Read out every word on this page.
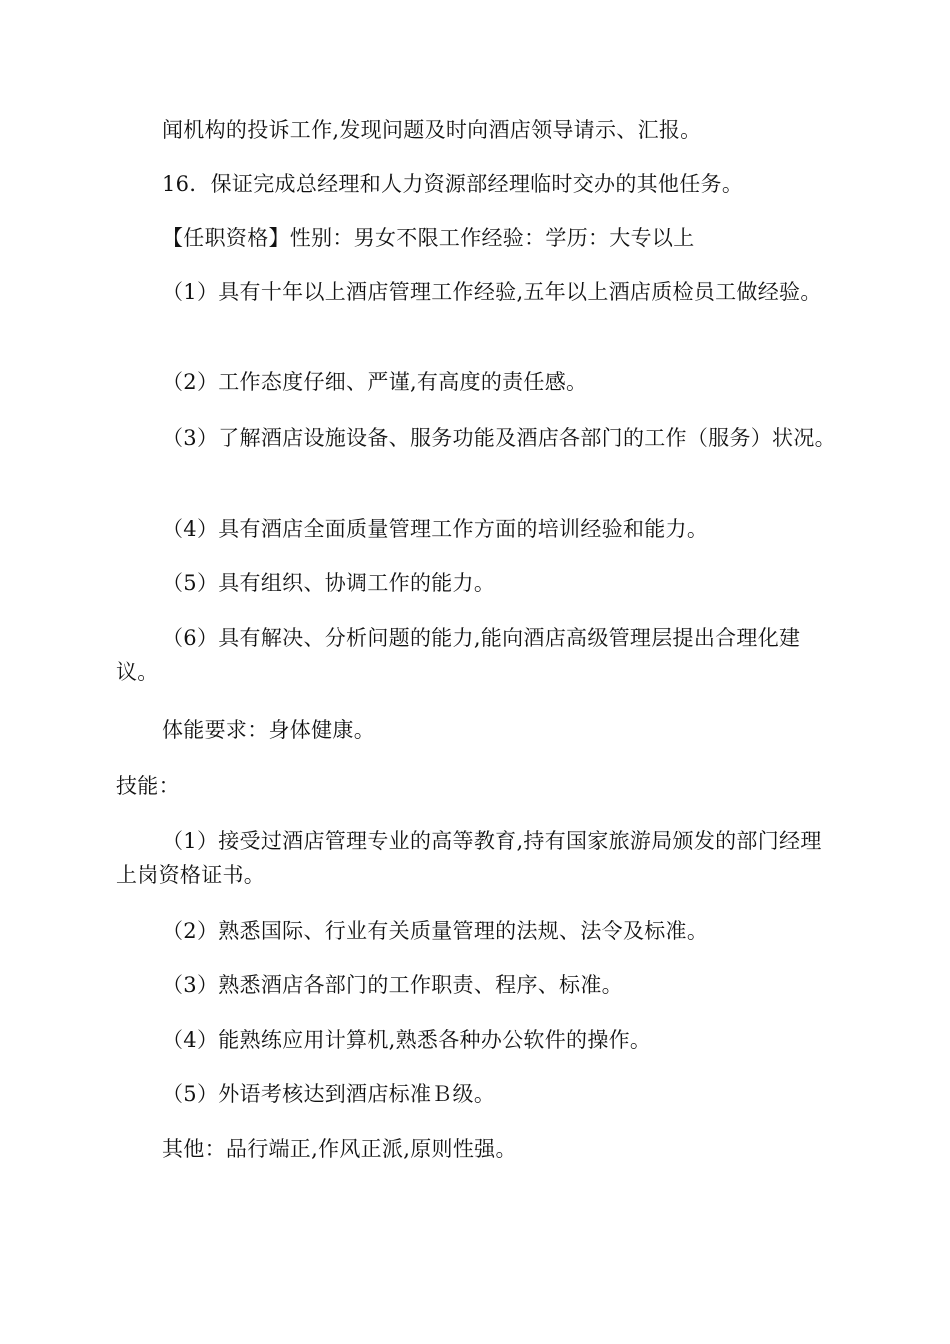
闻机构的投诉工作,发现问题及时向酒店领导请示、汇报。

16．保证完成总经理和人力资源部经理临时交办的其他任务。

【任职资格】性别：男女不限工作经验：学历：大专以上

（1）具有十年以上酒店管理工作经验,五年以上酒店质检员工做经验。

（2）工作态度仔细、严谨,有高度的责任感。

（3）了解酒店设施设备、服务功能及酒店各部门的工作（服务）状况。

（4）具有酒店全面质量管理工作方面的培训经验和能力。

（5）具有组织、协调工作的能力。

（6）具有解决、分析问题的能力,能向酒店高级管理层提出合理化建议。

体能要求：身体健康。

技能：

（1）接受过酒店管理专业的高等教育,持有国家旅游局颁发的部门经理上岗资格证书。

（2）熟悉国际、行业有关质量管理的法规、法令及标准。

（3）熟悉酒店各部门的工作职责、程序、标准。

（4）能熟练应用计算机,熟悉各种办公软件的操作。

（5）外语考核达到酒店标准Ｂ级。

其他：品行端正,作风正派,原则性强。
